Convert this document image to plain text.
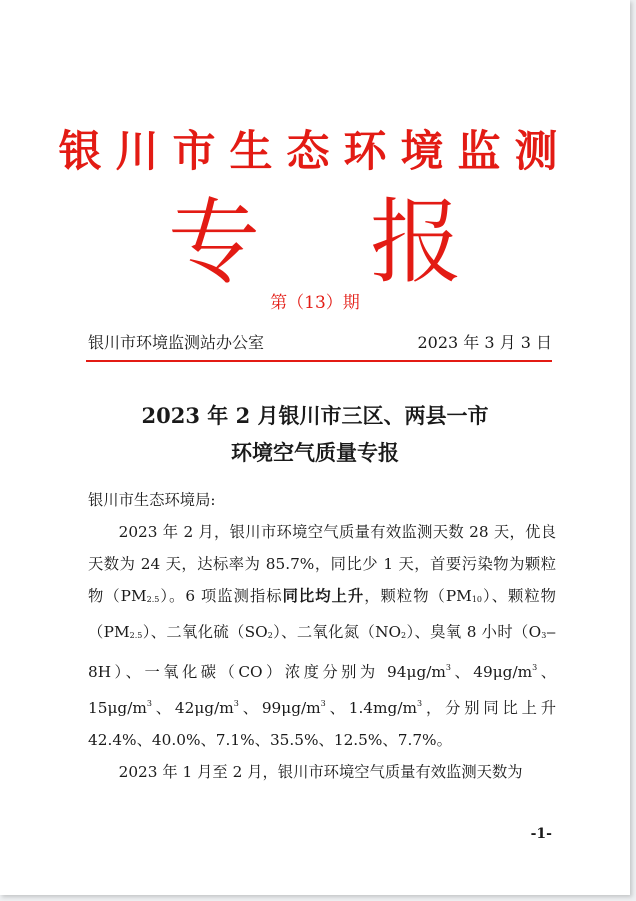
银川市生态环境监测
专 报
第（13）期
银川市环境监测站办公室	2023 年 3 月 3 日
2023 年 2 月银川市三区、两县一市
环境空气质量专报

银川市生态环境局:

2023 年 2 月，银川市环境空气质量有效监测天数 28 天，优良天数为 24 天，达标率为 85.7%，同比少 1 天，首要污染物为颗粒物$(PM_{2.5})$。6 项监测指标同比均上升，颗粒物$(PM_{10})$、颗粒物$(PM_{2.5})$、二氧化硫$(SO_2)$、二氧化氮$(NO_2)$、臭氧 8 小时$(O_3‒8H)$、一氧化碳（CO）浓度分别为 $94\mu g/m^3$、$49\mu g/m^3$、$15\mu g/m^3$、$42\mu g/m^3$、$99\mu g/m^3$、$1.4mg/m^3$，分别同比上升 42.4%、40.0%、7.1%、35.5%、12.5%、7.7%。

2023 年 1 月至 2 月，银川市环境空气质量有效监测天数为

-1-
